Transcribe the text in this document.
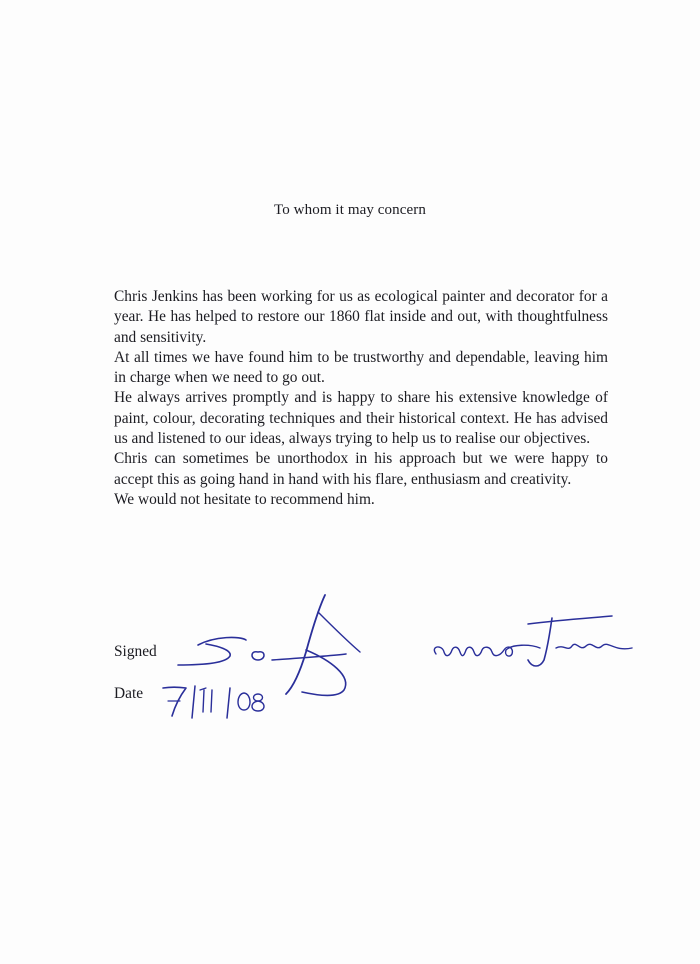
To whom it may concern

Chris Jenkins has been working for us as ecological painter and decorator for a year. He has helped to restore our 1860 flat inside and out, with thoughtfulness and sensitivity.

At all times we have found him to be trustworthy and dependable, leaving him in charge when we need to go out.

He always arrives promptly and is happy to share his extensive knowledge of paint, colour, decorating techniques and their historical context. He has advised us and listened to our ideas, always trying to help us to realise our objectives.

Chris can sometimes be unorthodox in his approach but we were happy to accept this as going hand in hand with his flare, enthusiasm and creativity.

We would not hesitate to recommend him.

Signed
Date
